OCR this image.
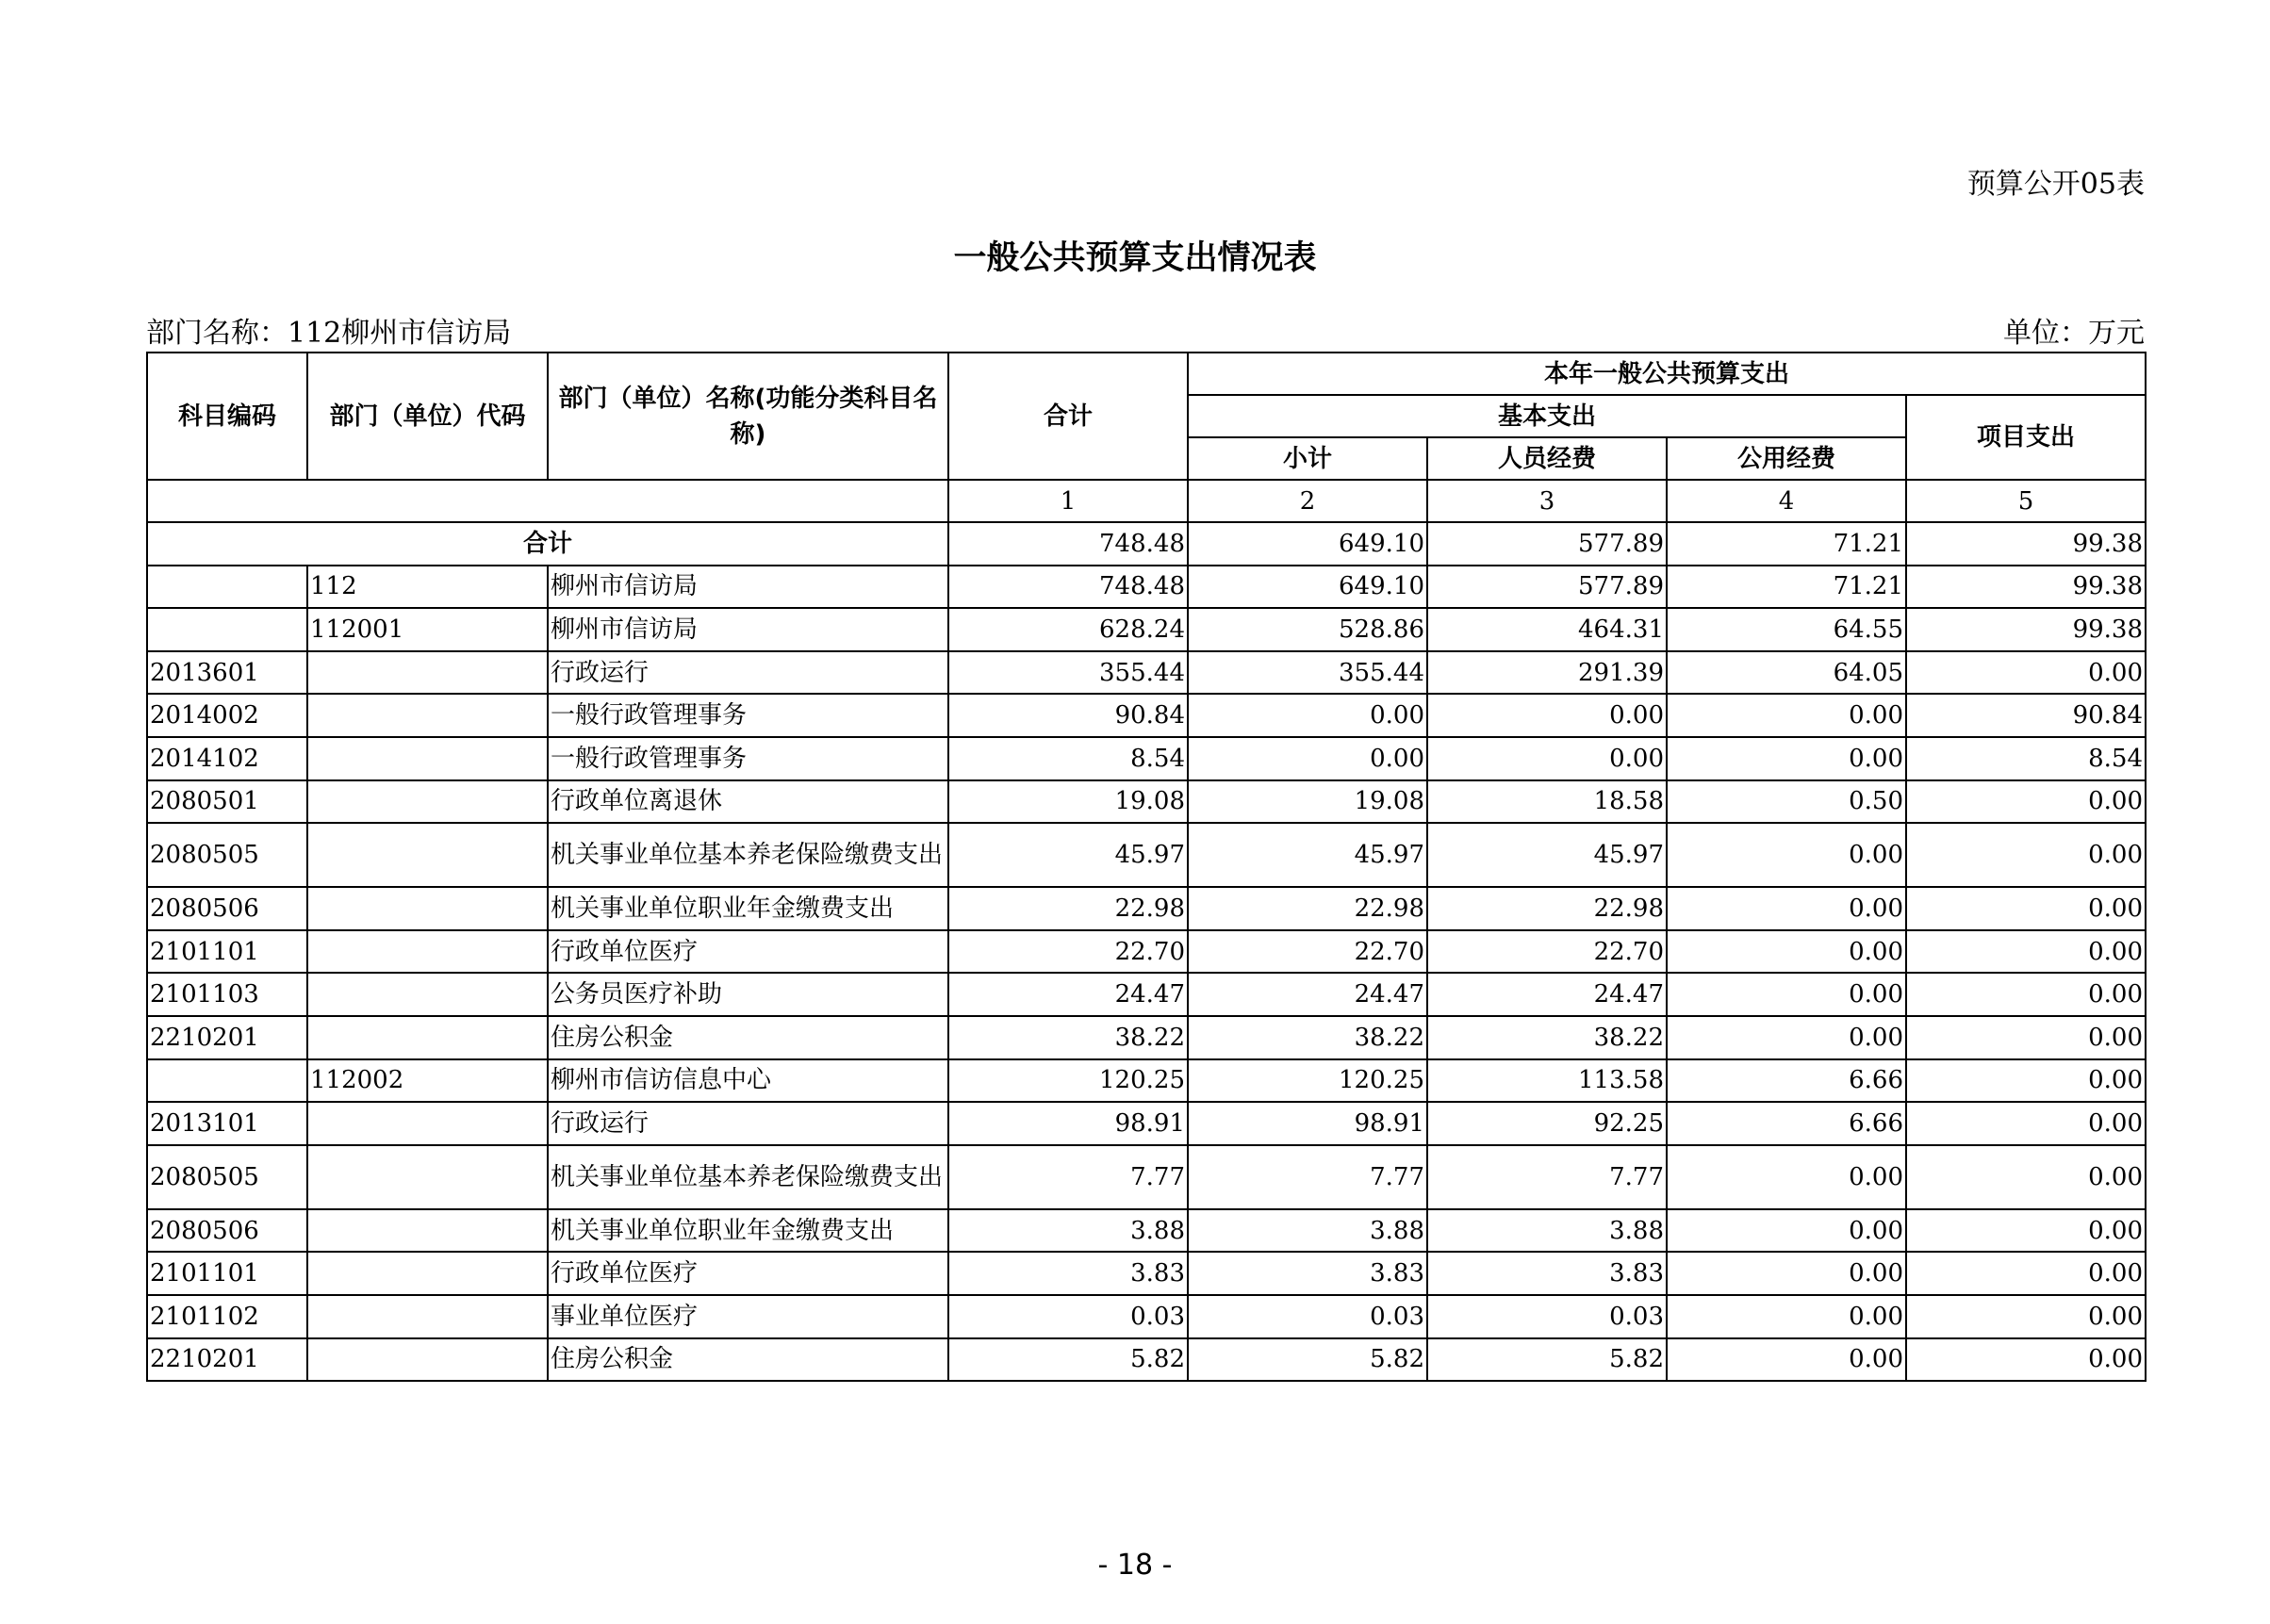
预算公开05表
一般公共预算支出情况表
部门名称：112柳州市信访局	单位：万元
科目编码	部门（单位）代码	部门（单位）名称(功能分类科目名称)	合计	本年一般公共预算支出			
				基本支出			项目支出
				小计	人员经费	公用经费	
			1	2	3	4	5
合计			748.48	649.10	577.89	71.21	99.38
	112	柳州市信访局	748.48	649.10	577.89	71.21	99.38
	112001	柳州市信访局	628.24	528.86	464.31	64.55	99.38
2013601		行政运行	355.44	355.44	291.39	64.05	0.00
2014002		一般行政管理事务	90.84	0.00	0.00	0.00	90.84
2014102		一般行政管理事务	8.54	0.00	0.00	0.00	8.54
2080501		行政单位离退休	19.08	19.08	18.58	0.50	0.00
2080505		机关事业单位基本养老保险缴费支出	45.97	45.97	45.97	0.00	0.00
2080506		机关事业单位职业年金缴费支出	22.98	22.98	22.98	0.00	0.00
2101101		行政单位医疗	22.70	22.70	22.70	0.00	0.00
2101103		公务员医疗补助	24.47	24.47	24.47	0.00	0.00
2210201		住房公积金	38.22	38.22	38.22	0.00	0.00
	112002	柳州市信访信息中心	120.25	120.25	113.58	6.66	0.00
2013101		行政运行	98.91	98.91	92.25	6.66	0.00
2080505		机关事业单位基本养老保险缴费支出	7.77	7.77	7.77	0.00	0.00
2080506		机关事业单位职业年金缴费支出	3.88	3.88	3.88	0.00	0.00
2101101		行政单位医疗	3.83	3.83	3.83	0.00	0.00
2101102		事业单位医疗	0.03	0.03	0.03	0.00	0.00
2210201		住房公积金	5.82	5.82	5.82	0.00	0.00
- 18 -
